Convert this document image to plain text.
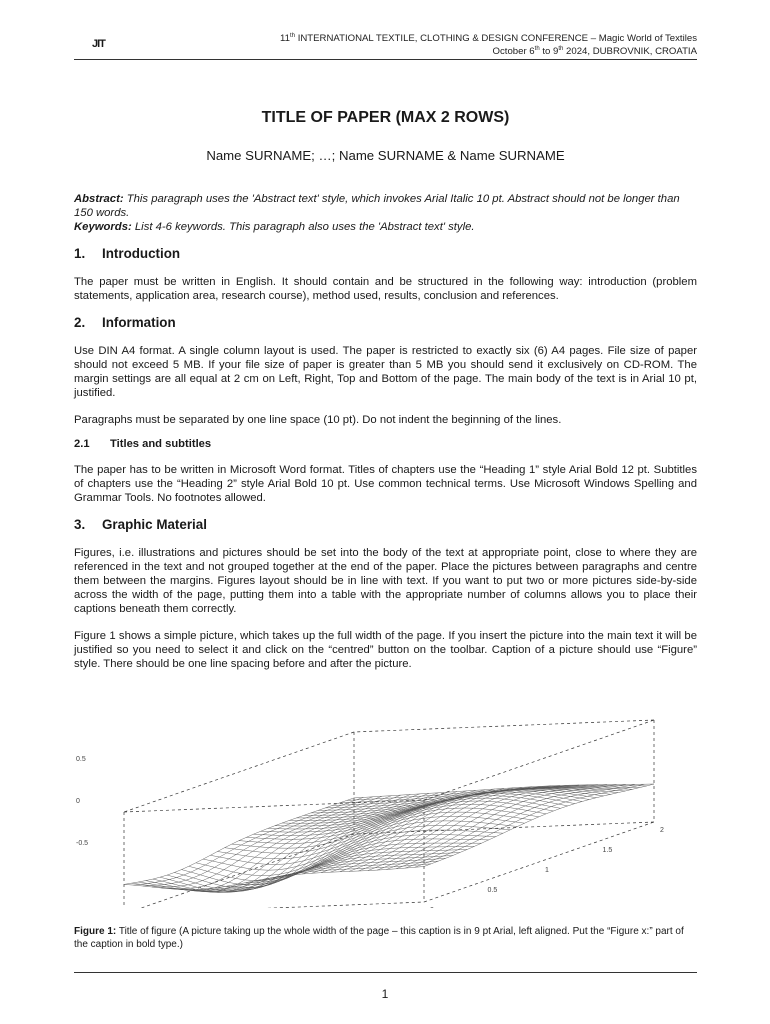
JIT	11th INTERNATIONAL TEXTILE, CLOTHING & DESIGN CONFERENCE – Magic World of Textiles
October 6th to 9th 2024, DUBROVNIK, CROATIA
TITLE OF PAPER (MAX 2 ROWS)
Name SURNAME; …; Name SURNAME & Name SURNAME

Abstract: This paragraph uses the 'Abstract text' style, which invokes Arial Italic 10 pt. Abstract should not be longer than 150 words.

Keywords: List 4-6 keywords. This paragraph also uses the 'Abstract text' style.

1.	Introduction

The paper must be written in English. It should contain and be structured in the following way: introduction (problem statements, application area, research course), method used, results, conclusion and references.

2.	Information

Use DIN A4 format. A single column layout is used. The paper is restricted to exactly six (6) A4 pages. File size of paper should not exceed 5 MB. If your file size of paper is greater than 5 MB you should send it exclusively on CD-ROM. The margin settings are all equal at 2 cm on Left, Right, Top and Bottom of the page. The main body of the text is in Arial 10 pt, justified.

Paragraphs must be separated by one line space (10 pt). Do not indent the beginning of the lines.

2.1	Titles and subtitles

The paper has to be written in Microsoft Word format. Titles of chapters use the “Heading 1” style Arial Bold 12 pt. Subtitles of chapters use the “Heading 2” style Arial Bold 10 pt. Use common technical terms. Use Microsoft Windows Spelling and Grammar Tools. No footnotes allowed.

3.	Graphic Material

Figures, i.e. illustrations and pictures should be set into the body of the text at appropriate point, close to where they are referenced in the text and not grouped together at the end of the paper. Place the pictures between paragraphs and centre them between the margins. Figures layout should be in line with text. If you want to put two or more pictures side-by-side across the width of the page, putting them into a table with the appropriate number of columns allows you to place their captions beneath them correctly.

Figure 1 shows a simple picture, which takes up the full width of the page. If you insert the picture into the main text it will be justified so you need to select it and click on the “centred” button on the toolbar. Caption of a picture should use “Figure” style. There should be one line spacing before and after the picture.

0.5
0
-0.5
0.5
1
1.5
2
Figure 1: Title of figure (A picture taking up the whole width of the page – this caption is in 9 pt Arial, left aligned. Put the “Figure x:” part of the caption in bold type.)
1
